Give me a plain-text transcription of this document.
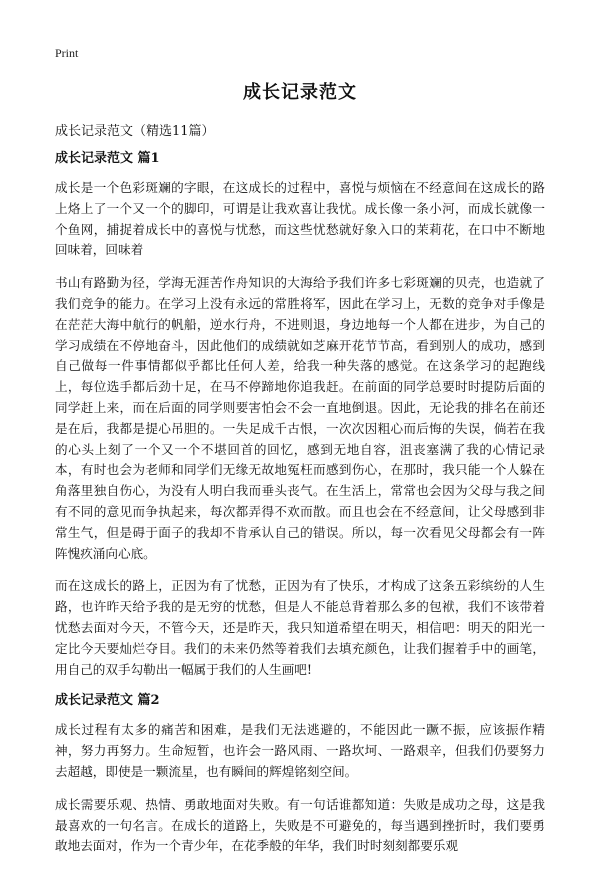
Print
成长记录范文

成长记录范文（精选11篇）

成长记录范文 篇1

成长是一个色彩斑斓的字眼，在这成长的过程中，喜悦与烦恼在不经意间在这成长的路上烙上了一个又一个的脚印，可谓是让我欢喜让我忧。成长像一条小河，而成长就像一个鱼网，捕捉着成长中的喜悦与忧愁，而这些忧愁就好象入口的茉莉花，在口中不断地回味着，回味着

书山有路勤为径，学海无涯苦作舟知识的大海给予我们许多七彩斑斓的贝壳，也造就了我们竞争的能力。在学习上没有永远的常胜将军，因此在学习上，无数的竞争对手像是在茫茫大海中航行的帆船，逆水行舟，不进则退，身边地每一个人都在进步，为自己的学习成绩在不停地奋斗，因此他们的成绩就如芝麻开花节节高，看到别人的成功，感到自己做每一件事情都似乎都比任何人差，给我一种失落的感觉。在这条学习的起跑线上，每位选手都后劲十足，在马不停蹄地你追我赶。在前面的同学总要时时提防后面的同学赶上来，而在后面的同学则要害怕会不会一直地倒退。因此，无论我的排名在前还是在后，我都是提心吊胆的。一失足成千古恨，一次次因粗心而后悔的失误，倘若在我的心头上刻了一个又一个不堪回首的回忆，感到无地自容，沮丧塞满了我的心情记录本，有时也会为老师和同学们无缘无故地冤枉而感到伤心，在那时，我只能一个人躲在角落里独自伤心，为没有人明白我而垂头丧气。在生活上，常常也会因为父母与我之间有不同的意见而争执起来，每次都弄得不欢而散。而且也会在不经意间，让父母感到非常生气，但是碍于面子的我却不肯承认自己的错误。所以，每一次看见父母都会有一阵阵愧疚涌向心底。

而在这成长的路上，正因为有了忧愁，正因为有了快乐，才构成了这条五彩缤纷的人生路，也许昨天给予我的是无穷的忧愁，但是人不能总背着那么多的包袱，我们不该带着忧愁去面对今天，不管今天，还是昨天，我只知道希望在明天，相信吧：明天的阳光一定比今天要灿烂夺目。我们的未来仍然等着我们去填充颜色，让我们握着手中的画笔，用自己的双手勾勒出一幅属于我们的人生画吧!

成长记录范文 篇2

成长过程有太多的痛苦和困难，是我们无法逃避的，不能因此一蹶不振，应该振作精神，努力再努力。生命短暂，也许会一路风雨、一路坎坷、一路艰辛，但我们仍要努力去超越，即使是一颗流星，也有瞬间的辉煌铭刻空间。

成长需要乐观、热情、勇敢地面对失败。有一句话谁都知道：失败是成功之母，这是我最喜欢的一句名言。在成长的道路上，失败是不可避免的，每当遇到挫折时，我们要勇敢地去面对，作为一个青少年，在花季般的年华，我们时时刻刻都要乐观
